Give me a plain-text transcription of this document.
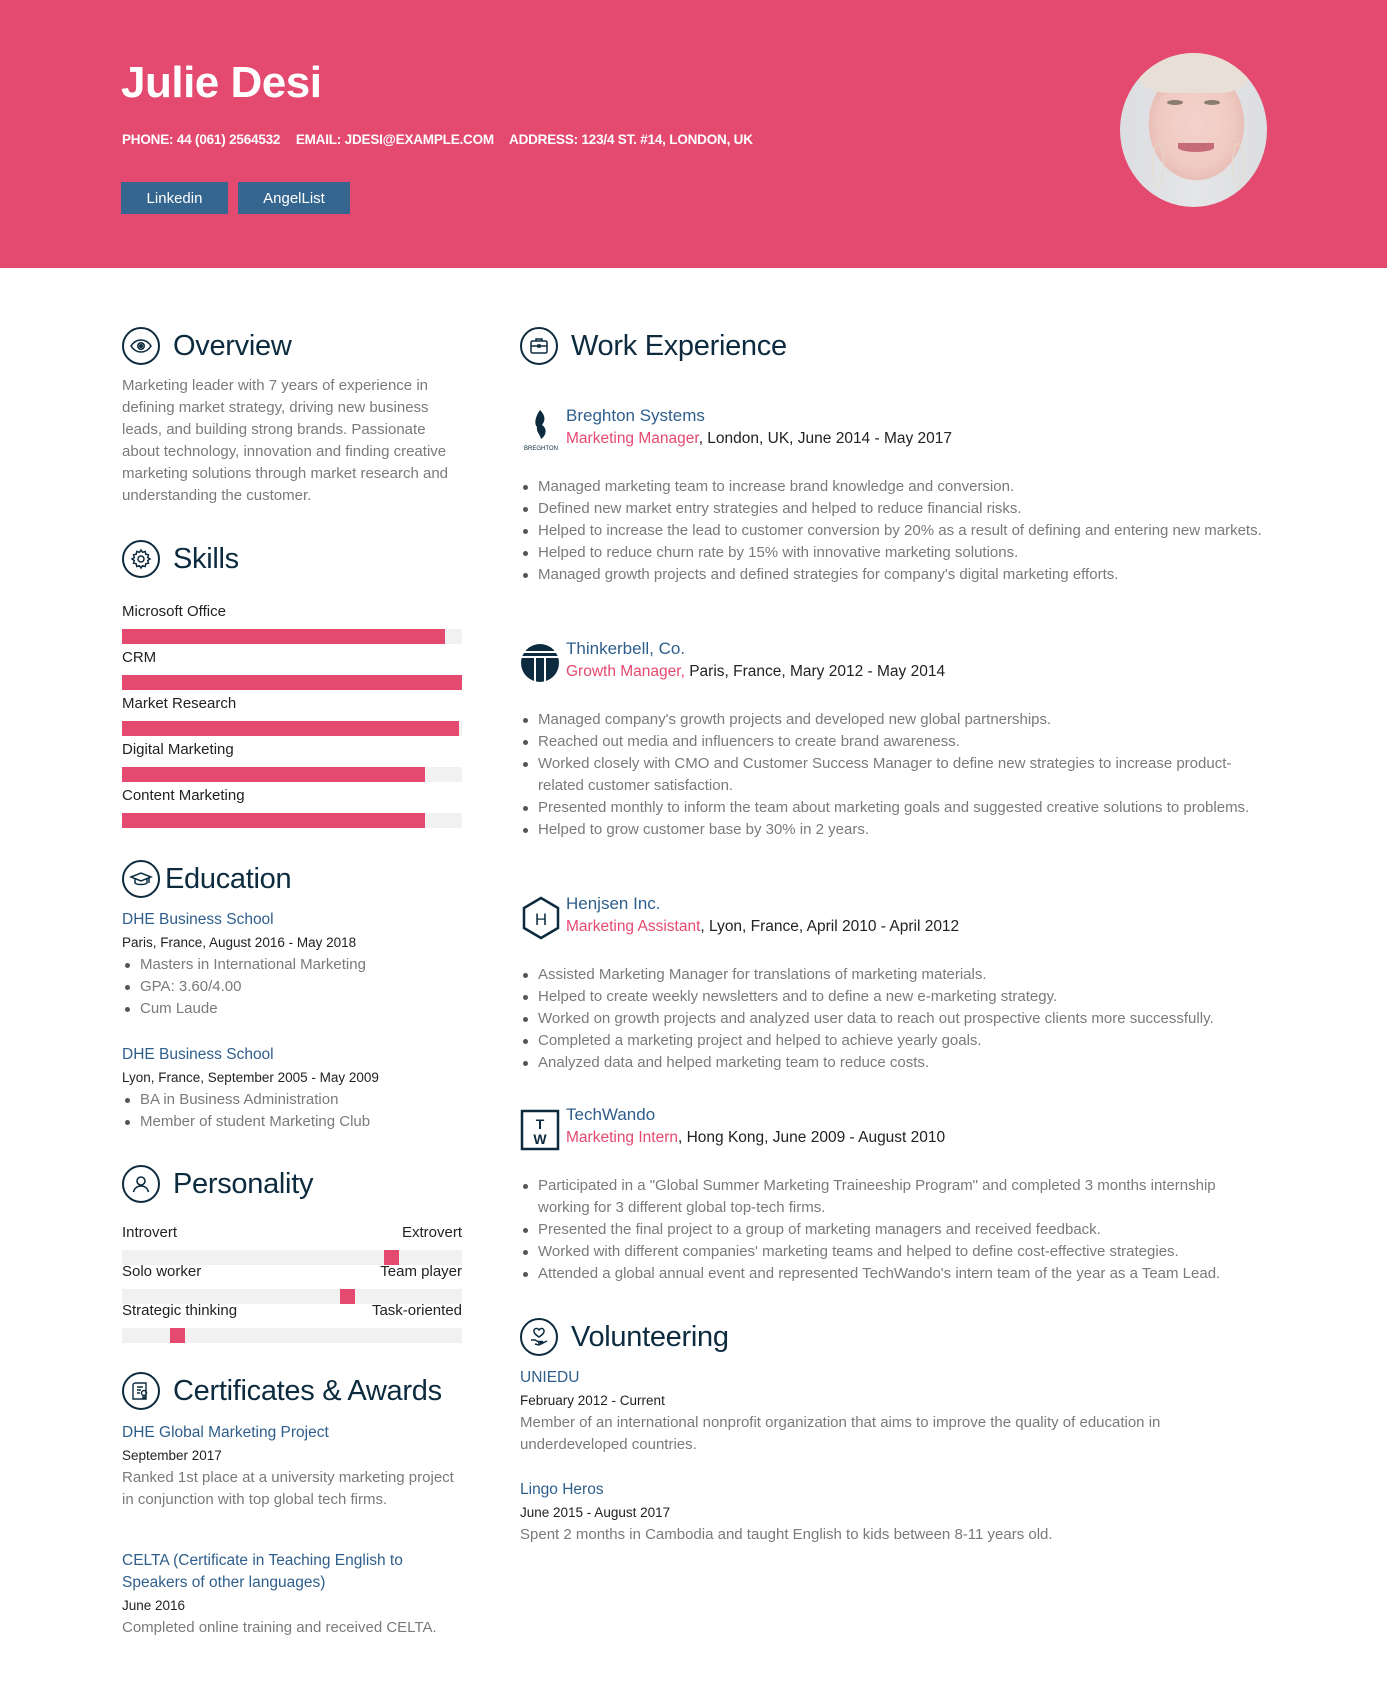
Julie Desi
PHONE: 44 (061) 2564532 EMAIL: JDESI@EXAMPLE.COM ADDRESS: 123/4 ST. #14, LONDON, UK
Linkedin	AngelList
Overview
Marketing leader with 7 years of experience in defining market strategy, driving new business leads, and building strong brands. Passionate about technology, innovation and finding creative marketing solutions through market research and understanding the customer.
Skills
Microsoft Office
CRM
Market Research
Digital Marketing
Content Marketing
Education
DHE Business School
Paris, France, August 2016 - May 2018
Masters in International Marketing
GPA: 3.60/4.00
Cum Laude
DHE Business School
Lyon, France, September 2005 - May 2009
BA in Business Administration
Member of student Marketing Club
Personality
Introvert	Extrovert
Solo worker	Team player
Strategic thinking	Task-oriented
Certificates & Awards
DHE Global Marketing Project
September 2017
Ranked 1st place at a university marketing project in conjunction with top global tech firms.
CELTA (Certificate in Teaching English to Speakers of other languages)
June 2016
Completed online training and received CELTA.
Work Experience
BREGHTON
Breghton Systems
Marketing Manager, London, UK, June 2014 - May 2017
Managed marketing team to increase brand knowledge and conversion.
Defined new market entry strategies and helped to reduce financial risks.
Helped to increase the lead to customer conversion by 20% as a result of defining and entering new markets.
Helped to reduce churn rate by 15% with innovative marketing solutions.
Managed growth projects and defined strategies for company's digital marketing efforts.
Thinkerbell, Co.
Growth Manager, Paris, France, Mary 2012 - May 2014
Managed company's growth projects and developed new global partnerships.
Reached out media and influencers to create brand awareness.
Worked closely with CMO and Customer Success Manager to define new strategies to increase product-related customer satisfaction.
Presented monthly to inform the team about marketing goals and suggested creative solutions to problems.
Helped to grow customer base by 30% in 2 years.
H
Henjsen Inc.
Marketing Assistant, Lyon, France, April 2010 - April 2012
Assisted Marketing Manager for translations of marketing materials.
Helped to create weekly newsletters and to define a new e-marketing strategy.
Worked on growth projects and analyzed user data to reach out prospective clients more successfully.
Completed a marketing project and helped to achieve yearly goals.
Analyzed data and helped marketing team to reduce costs.
T
W
TechWando
Marketing Intern, Hong Kong, June 2009 - August 2010
Participated in a "Global Summer Marketing Traineeship Program" and completed 3 months internship working for 3 different global top-tech firms.
Presented the final project to a group of marketing managers and received feedback.
Worked with different companies' marketing teams and helped to define cost-effective strategies.
Attended a global annual event and represented TechWando's intern team of the year as a Team Lead.
Volunteering
UNIEDU
February 2012 - Current
Member of an international nonprofit organization that aims to improve the quality of education in underdeveloped countries.
Lingo Heros
June 2015 - August 2017
Spent 2 months in Cambodia and taught English to kids between 8-11 years old.
